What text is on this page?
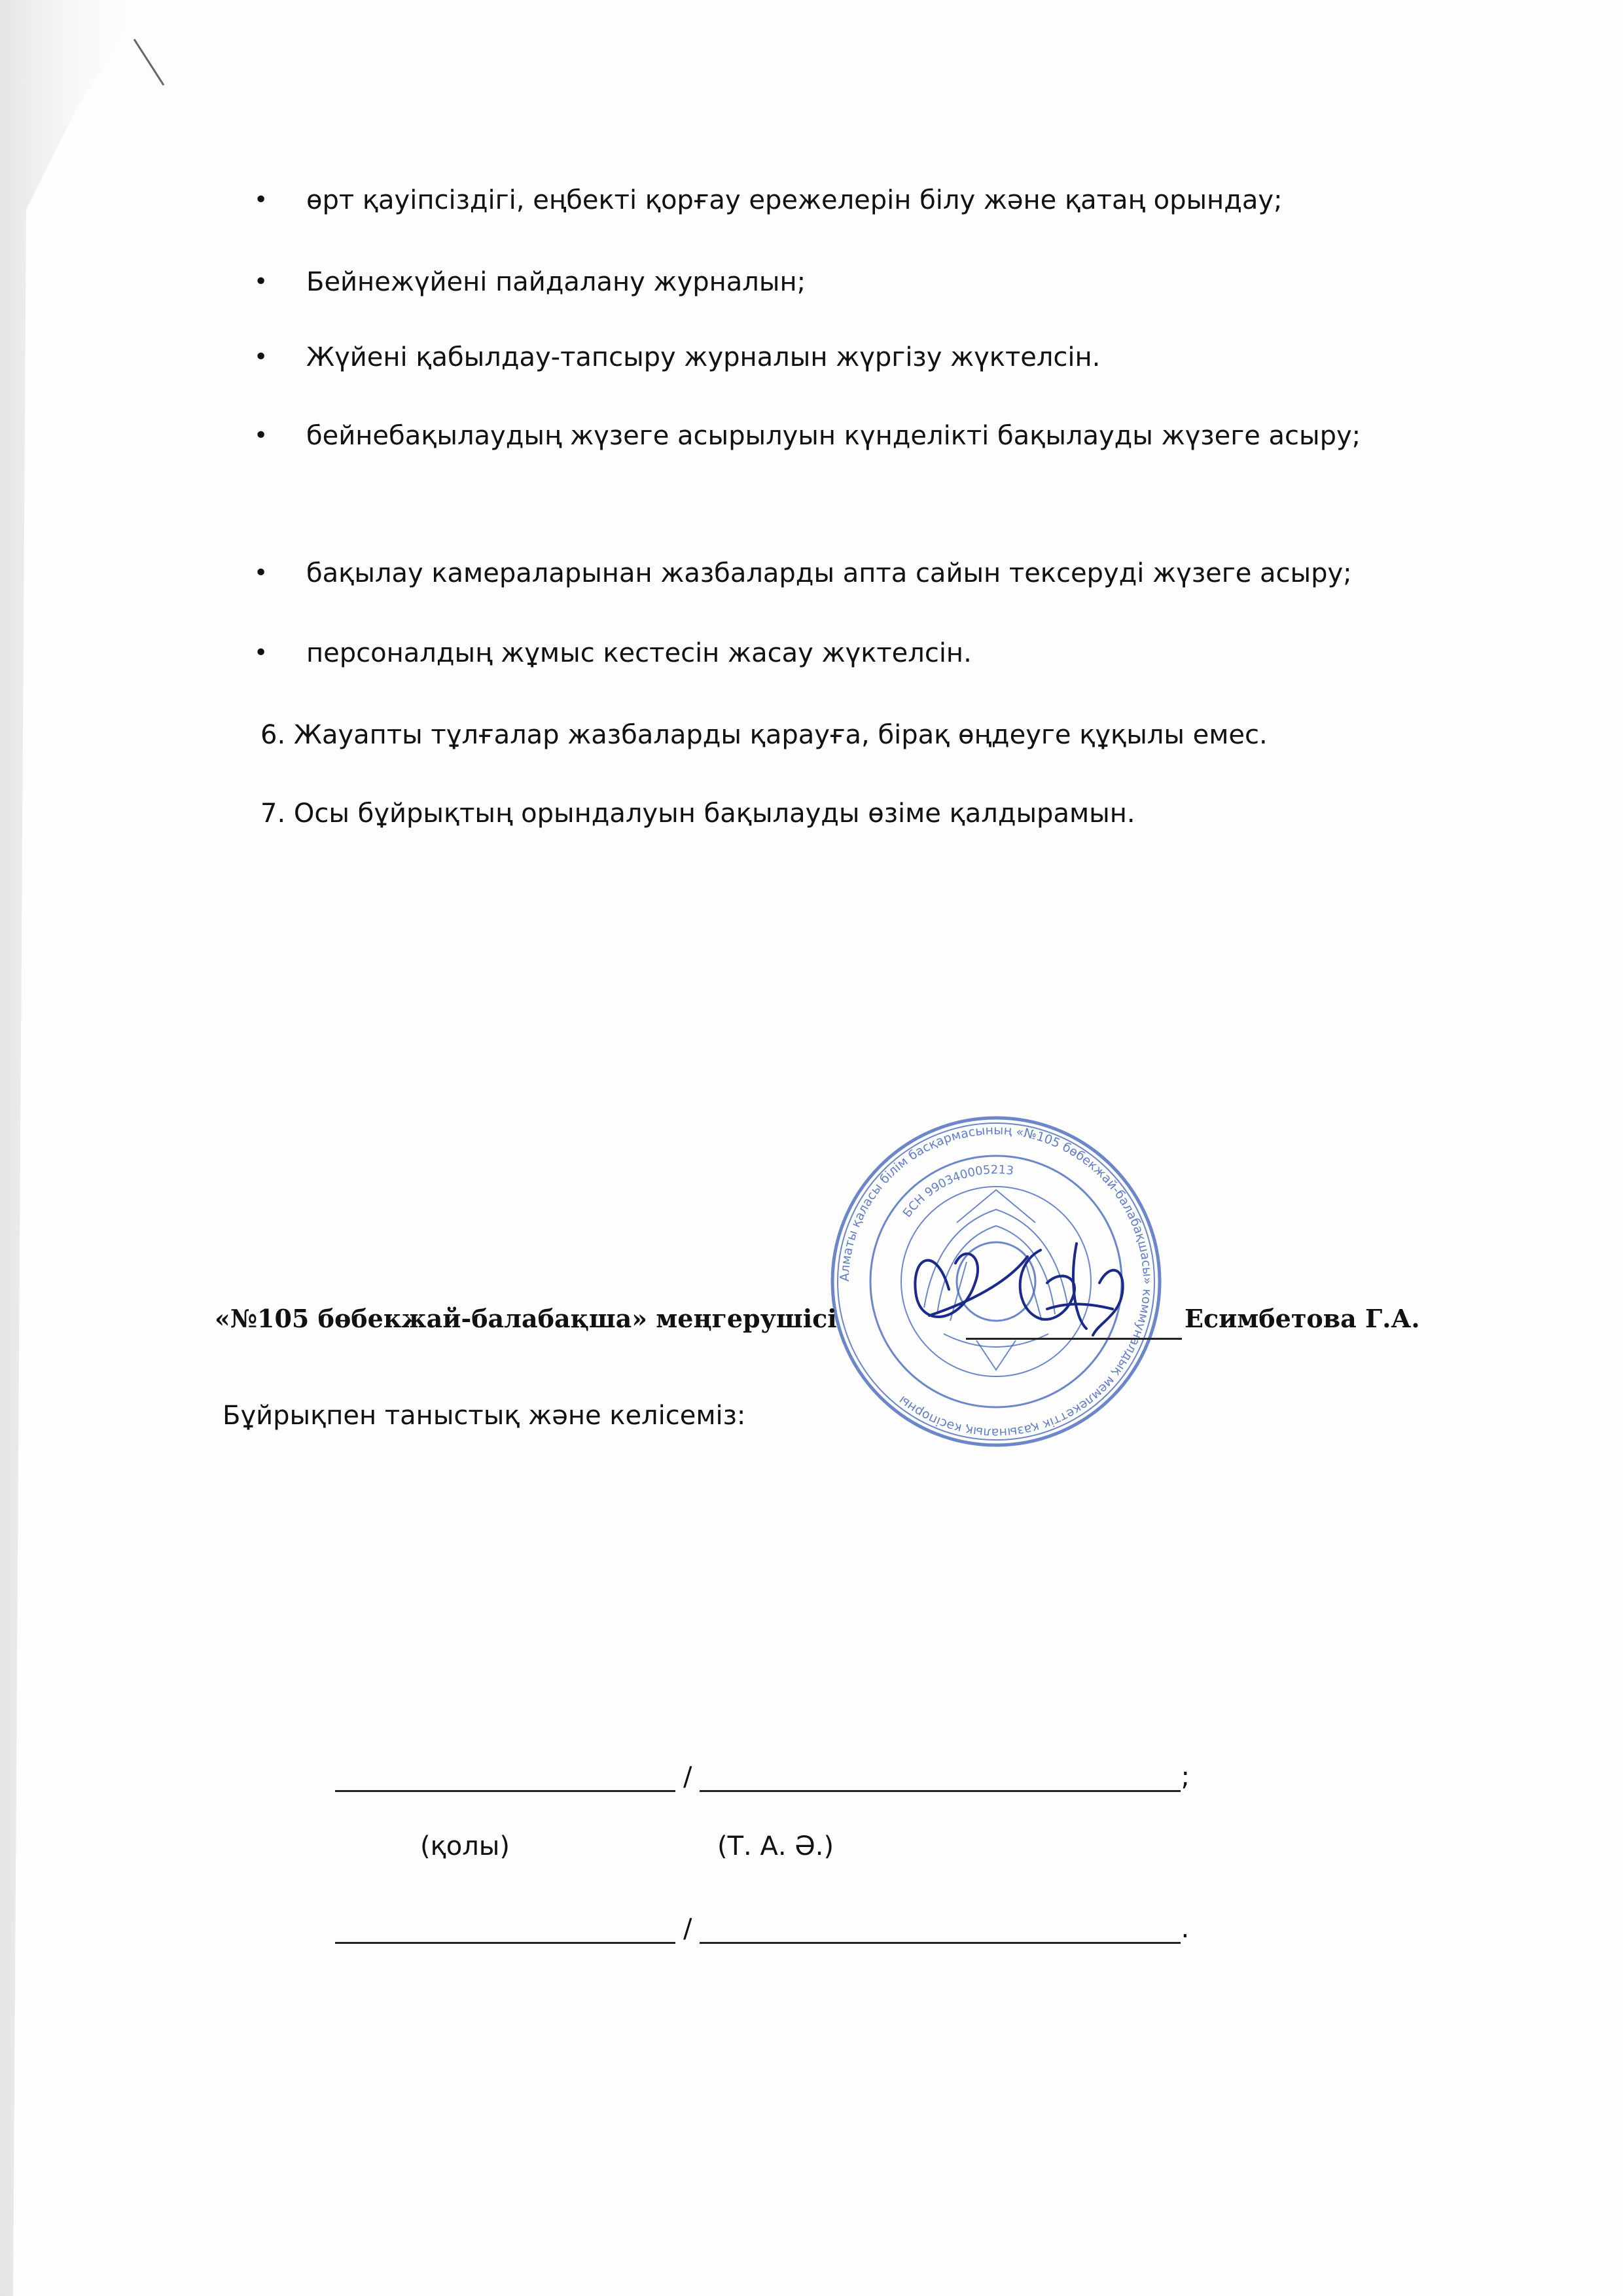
•	өрт қауіпсіздігі, еңбекті қорғау ережелерін білу және қатаң орындау;
•	Бейнежүйені пайдалану журналын;
•	Жүйені қабылдау-тапсыру журналын жүргізу жүктелсін.
•	бейнебақылаудың жүзеге асырылуын күнделікті бақылауды жүзеге асыру;
•	бақылау камераларынан жазбаларды апта сайын тексеруді жүзеге асыру;
•	персоналдың жұмыс кестесін жасау жүктелсін.
6. Жауапты тұлғалар жазбаларды қарауға, бірақ өңдеуге құқылы емес.
7. Осы бұйрықтың орындалуын бақылауды өзіме қалдырамын.
Алматы қаласы білім басқармасының «№105 бөбекжай-балабақшасы» коммуналдық мемлекеттік қазыналық кәсіпорны
БСН 990340005213
«№105 бөбекжай-балабақша» меңгерушісі	Есимбетова Г.А.
Бұйрықпен таныстық және келісеміз:
/	;
(қолы)	(Т. А. Ә.)
/	.
